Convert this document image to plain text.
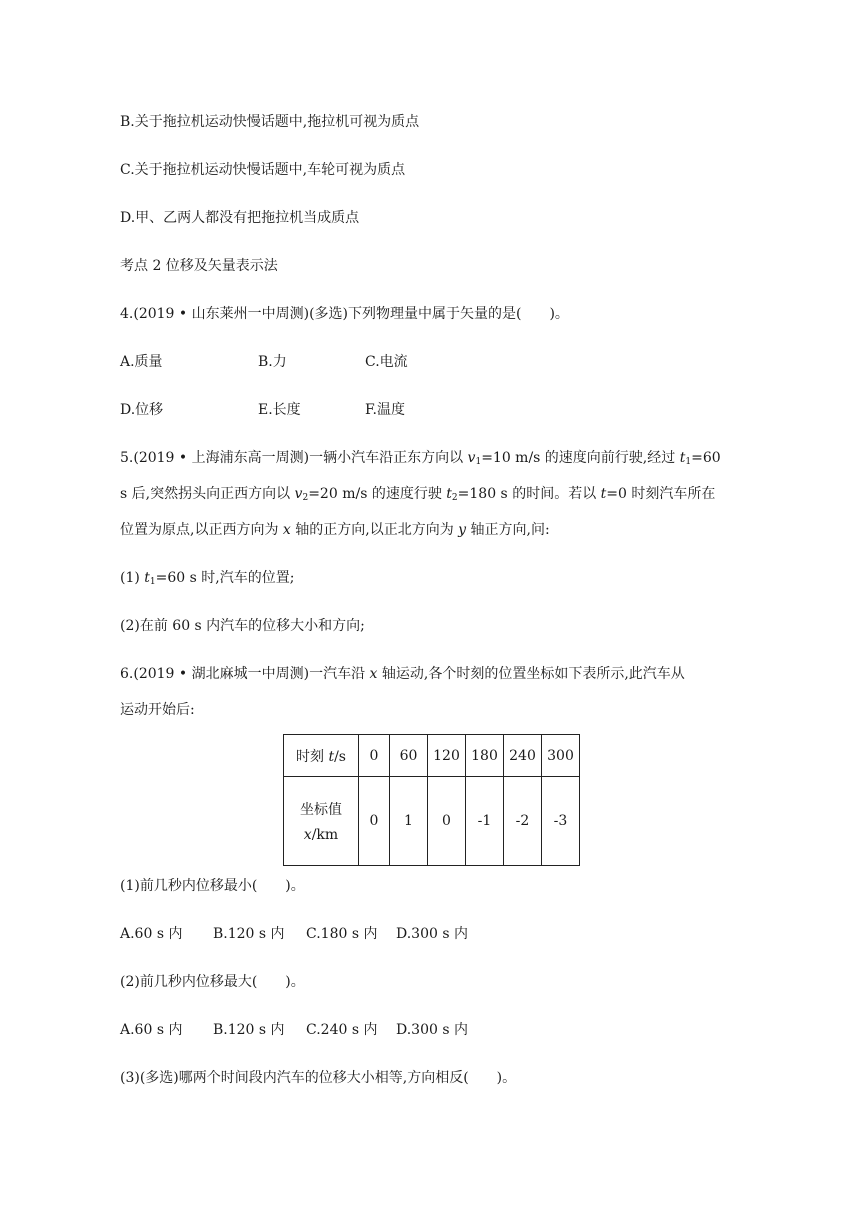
B.关于拖拉机运动快慢话题中,拖拉机可视为质点
C.关于拖拉机运动快慢话题中,车轮可视为质点
D.甲、乙两人都没有把拖拉机当成质点
考点 2 位移及矢量表示法
4.(2019 • 山东莱州一中周测)(多选)下列物理量中属于矢量的是(　　)。
A.质量	B.力	C.电流
D.位移	E.长度	F.温度
5.(2019 • 上海浦东高一周测)一辆小汽车沿正东方向以 $v_1=10$ m/s 的速度向前行驶,经过 $t_1=60$
s 后,突然拐头向正西方向以 $v_2=20$ m/s 的速度行驶 $t_2=180$ s 的时间。若以 t=0 时刻汽车所在
位置为原点,以正西方向为 x 轴的正方向,以正北方向为 y 轴正方向,问:
(1) $t_1=60$ s 时,汽车的位置;
(2)在前 60 s 内汽车的位移大小和方向;
6.(2019 • 湖北麻城一中周测)一汽车沿 x 轴运动,各个时刻的位置坐标如下表所示,此汽车从
运动开始后:
时刻 t/s	0	60	120	180	240	300

坐标值
x/km	0	1	0	-1	-2	-3
(1)前几秒内位移最小(　　)。
A.60 s 内 B.120 s 内 C.180 s 内 D.300 s 内
(2)前几秒内位移最大(　　)。
A.60 s 内 B.120 s 内 C.240 s 内 D.300 s 内
(3)(多选)哪两个时间段内汽车的位移大小相等,方向相反(　　)。
